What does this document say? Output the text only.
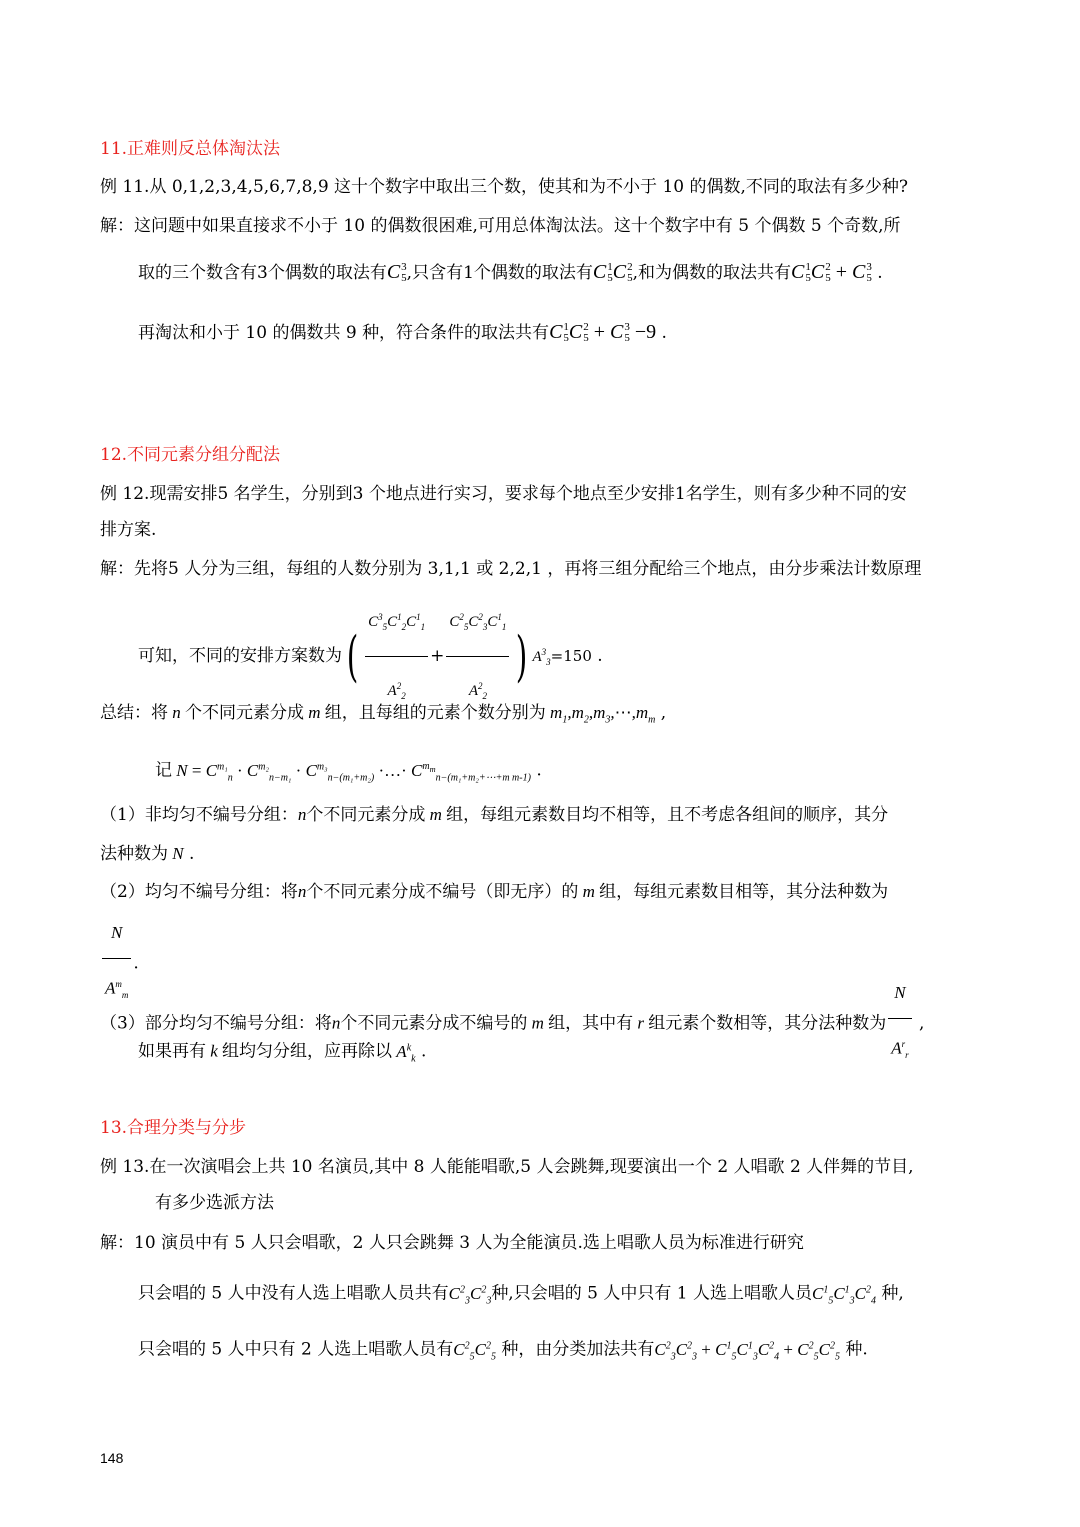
11.正难则反总体淘汰法
例 11.从 0,1,2,3,4,5,6,7,8,9 这十个数字中取出三个数，使其和为不小于 10 的偶数,不同的取法有多少种?
解：这问题中如果直接求不小于 10 的偶数很困难,可用总体淘汰法。这十个数字中有 5 个偶数 5 个奇数,所
取的三个数含有3个偶数的取法有C 3
5 ,只含有1个偶数的取法有C 1
5 C 2
5 ,和为偶数的取法共有C 1
5 C 2
5 + C 3
5 .
再淘汰和小于 10 的偶数共 9 种，符合条件的取法共有C 1
5 C 2
5 + C 3
5 −9 .
12.不同元素分组分配法
例 12.现需安排5 名学生，分别到3 个地点进行实习，要求每个地点至少安排1名学生，则有多少种不同的安
排方案.
解：先将5 人分为三组，每组的人数分别为 3,1,1 或 2,2,1 ，再将三组分配给三个地点，由分步乘法计数原理
可知，不同的安排方案数为( $\frac{C^3_5C^1_2C^1_1}{A^2_2} + \frac{C^2_5C^2_3C^1_1}{A^2_2}$ ) $A^3_3=150$ .
总结：将 n 个不同元素分成 m 组，且每组的元素个数分别为 $m_1,m_2,m_3,\cdots,m_m$ ,
记 $N = C^{m_1}_n \cdot C^{m_2}_{n-m_1} \cdot C^{m_3}_{n-(m_1+m_2)}$ ·…· $C^{m_m}_{n-(m_1+m_2+\cdots+m m-1)}$ .
（1）非均匀不编号分组：n个不同元素分成 m 组，每组元素数目均不相等，且不考虑各组间的顺序，其分
法种数为 N .
（2）均匀不编号分组：将n个不同元素分成不编号（即无序）的 m 组，每组元素数目相等，其分法种数为
$\frac{N}{A^m_m}$ .
（3）部分均匀不编号分组：将n个不同元素分成不编号的 m 组，其中有 r 组元素个数相等，其分法种数为 $\frac{N}{A^r_r}$ ,
如果再有 k 组均匀分组，应再除以 $A^k_k$ .
13.合理分类与分步
例 13.在一次演唱会上共 10 名演员,其中 8 人能能唱歌,5 人会跳舞,现要演出一个 2 人唱歌 2 人伴舞的节目,
有多少选派方法
解：10 演员中有 5 人只会唱歌，2 人只会跳舞 3 人为全能演员.选上唱歌人员为标准进行研究
只会唱的 5 人中没有人选上唱歌人员共有$C^2_3C^2_3$种,只会唱的 5 人中只有 1 人选上唱歌人员$C^1_5C^1_3C^2_4$ 种,
只会唱的 5 人中只有 2 人选上唱歌人员有$C^2_5C^2_5$ 种，由分类加法共有$C^2_3C^2_3 + C^1_5C^1_3C^2_4 + C^2_5C^2_5$ 种.
148
